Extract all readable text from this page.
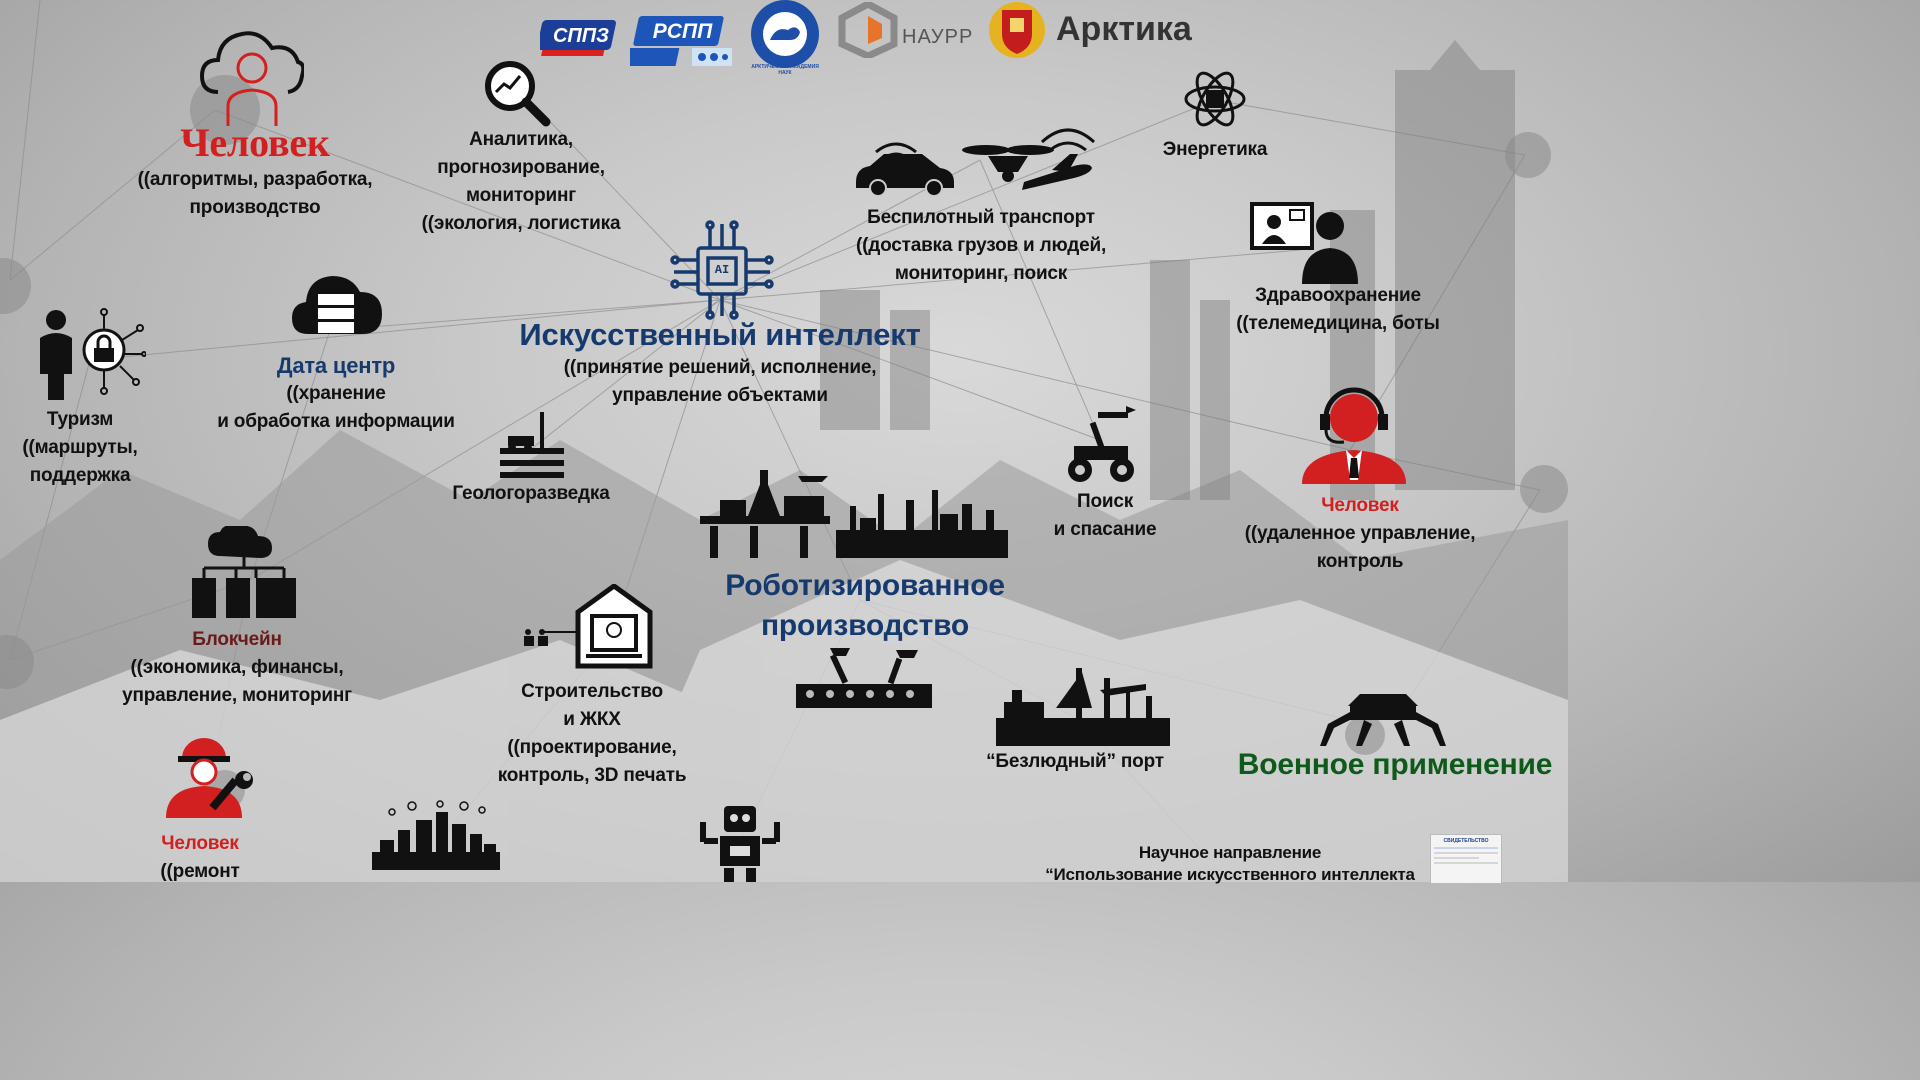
СППЗ	РСПП
АРКТИЧЕСКАЯ АКАДЕМИЯ НАУК
НАУРР Арктика
AI
Искусственный интеллект
((принятие решений, исполнение, управление объектами
Человек
((алгоритмы, разработка,
производство
Аналитика,
прогнозирование,
мониторинг
((экология, логистика	Беспилотный транспорт
((доставка грузов и людей,
мониторинг, поиск
Энергетика
Здравоохранение
((телемедицина, боты
Туризм
((маршруты,
поддержка
Дата центр
((хранение
и обработка информации
Геологоразведка	Поиск
и спасание
Человек
((удаленное управление,
контроль
Роботизированное
производство
Блокчейн
((экономика, финансы,
управление, мониторинг	Строительство
и ЖКХ
((проектирование,
контроль, 3D печать
“Безлюдный” порт	Военное применение
Человек
((ремонт
Научное направление
“Использование искусственного интеллекта
СВИДЕТЕЛЬСТВО
